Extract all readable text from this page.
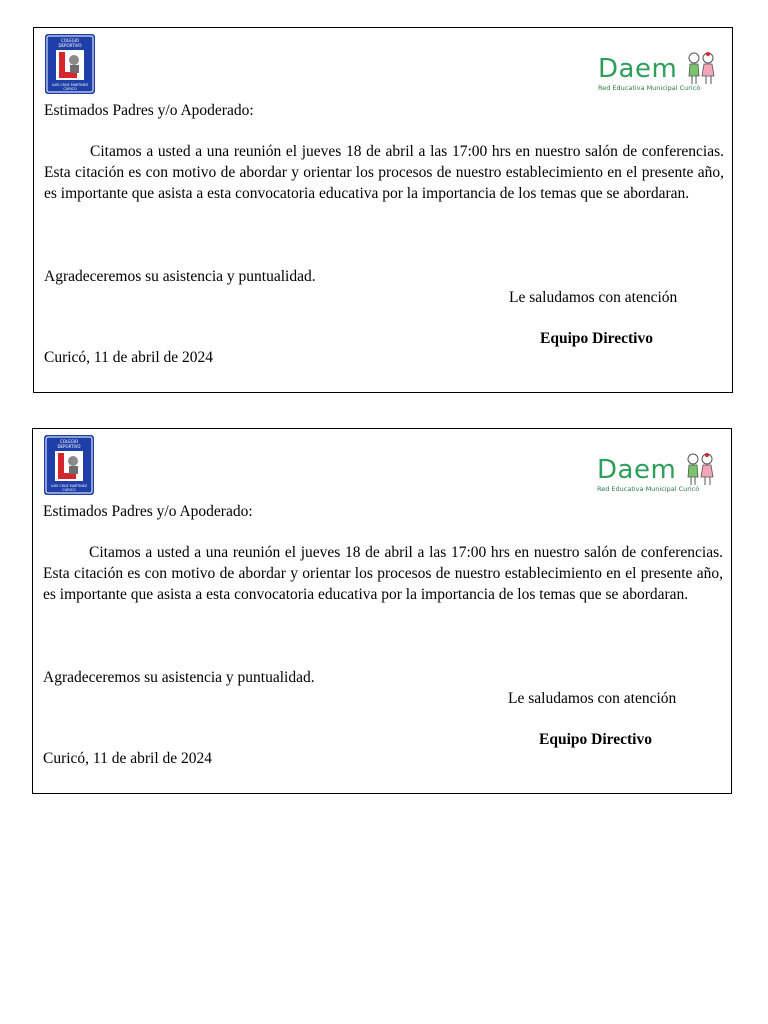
COLEGIO
DEPORTIVO
LUIS CRUZ MARTINEZ
CURICO
Daem
Red Educativa Municipal Curicó
Estimados Padres y/o Apoderado:

Citamos a usted a una reunión el jueves 18 de abril a las 17:00 hrs en nuestro salón de conferencias. Esta citación es con motivo de abordar y orientar los procesos de nuestro establecimiento en el presente año, es importante que asista a esta convocatoria educativa por la importancia de los temas que se abordaran.

Agradeceremos su asistencia y puntualidad.
Le saludamos con atención
Equipo Directivo
Curicó, 11 de abril de 2024
COLEGIO
DEPORTIVO
LUIS CRUZ MARTINEZ
CURICO
Daem
Red Educativa Municipal Curicó
Estimados Padres y/o Apoderado:

Citamos a usted a una reunión el jueves 18 de abril a las 17:00 hrs en nuestro salón de conferencias. Esta citación es con motivo de abordar y orientar los procesos de nuestro establecimiento en el presente año, es importante que asista a esta convocatoria educativa por la importancia de los temas que se abordaran.

Agradeceremos su asistencia y puntualidad.
Le saludamos con atención
Equipo Directivo
Curicó, 11 de abril de 2024
